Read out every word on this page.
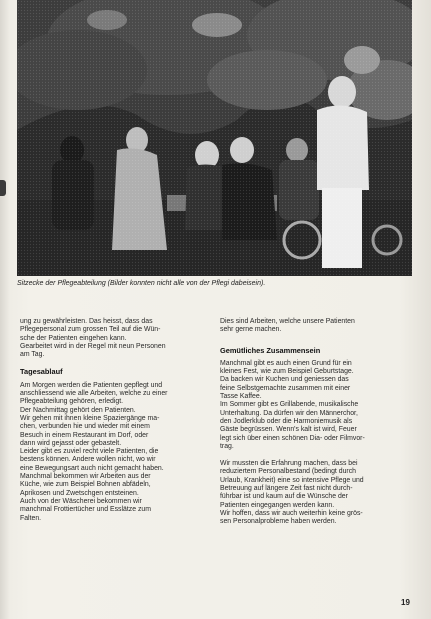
Sitzecke der Pflegeabteilung (Bilder konnten nicht alle von der Pflegi dabeisein).

ung zu gewährleisten. Das heisst, dass das

Pflegepersonal zum grossen Teil auf die Wün-

sche der Patienten eingehen kann.

Gearbeitet wird in der Regel mit neun Personen

am Tag.

Tagesablauf

Am Morgen werden die Patienten gepflegt und

anschliessend wie alle Arbeiten, welche zu einer

Pflegeabteilung gehören, erledigt.

Der Nachmittag gehört den Patienten.

Wir gehen mit ihnen kleine Spaziergänge ma-

chen, verbunden hie und wieder mit einem

Besuch in einem Restaurant im Dorf, oder

dann wird gejasst oder gebastelt.

Leider gibt es zuviel recht viele Patienten, die

bestens können. Andere wollen nicht, wo wir

eine Bewegungsart auch nicht gemacht haben.

Manchmal bekommen wir Arbeiten aus der

Küche, wie zum Beispiel Bohnen abfädeln,

Aprikosen und Zwetschgen entsteinen.

Auch von der Wäscherei bekommen wir

manchmal Frottiertücher und Esslätze zum

Falten.

Dies sind Arbeiten, welche unsere Patienten

sehr gerne machen.

Gemütliches Zusammensein

Manchmal gibt es auch einen Grund für ein

kleines Fest, wie zum Beispiel Geburtstage.

Da backen wir Kuchen und geniessen das

feine Selbstgemachte zusammen mit einer

Tasse Kaffee.

Im Sommer gibt es Grillabende, musikalische

Unterhaltung. Da dürfen wir den Männerchor,

den Jodlerklub oder die Harmoniemusik als

Gäste begrüssen. Wenn's kalt ist wird, Feuer

legt sich über einen schönen Dia- oder Filmvor-

trag.

Wir mussten die Erfahrung machen, dass bei

reduziertem Personalbestand (bedingt durch

Urlaub, Krankheit) eine so intensive Pflege und

Betreuung auf längere Zeit fast nicht durch-

führbar ist und kaum auf die Wünsche der

Patienten eingegangen werden kann.

Wir hoffen, dass wir auch weiterhin keine grös-

sen Personalprobleme haben werden.

19
